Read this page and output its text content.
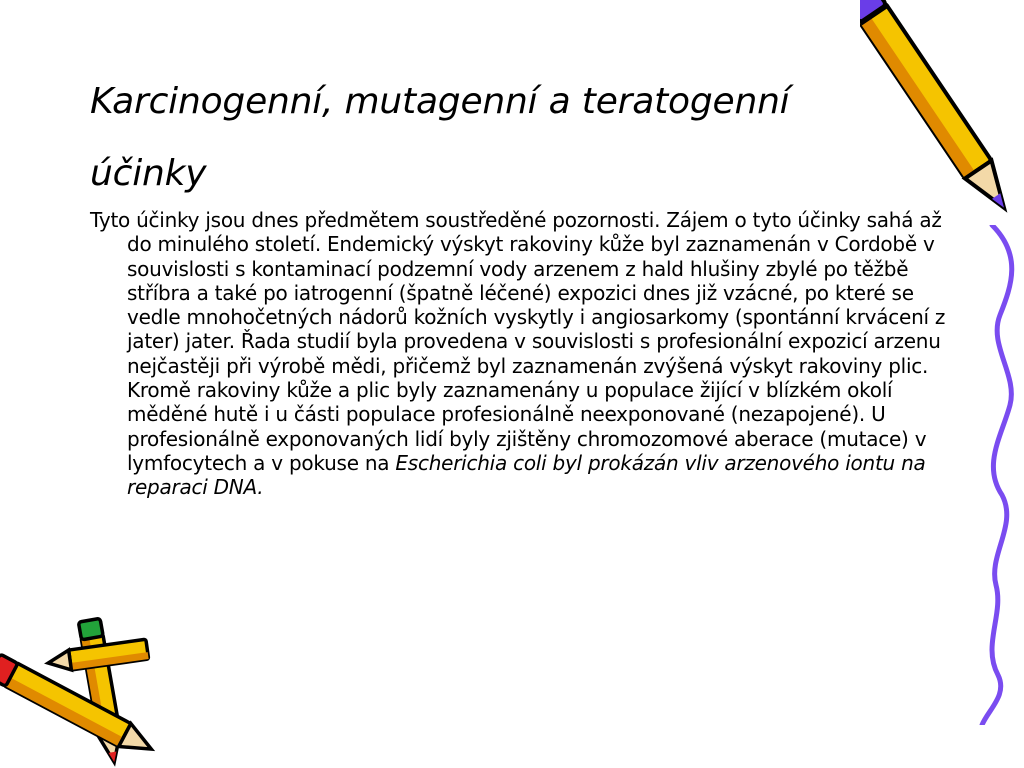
Karcinogenní, mutagenní a teratogenní
účinky
Tyto účinky jsou dnes předmětem soustředěné pozornosti. Zájem o tyto účinky sahá až do minulého století. Endemický výskyt rakoviny kůže byl zaznamenán v Cordobě v souvislosti s kontaminací podzemní vody arzenem z hald hlušiny zbylé po těžbě stříbra a také po iatrogenní (špatně léčené) expozici dnes již vzácné, po které se vedle mnohočetných nádorů kožních vyskytly i angiosarkomy (spontánní krvácení z jater) jater. Řada studií byla provedena v souvislosti s profesionální expozicí arzenu nejčastěji při výrobě mědi, přičemž byl zaznamenán zvýšená výskyt rakoviny plic. Kromě rakoviny kůže a plic byly zaznamenány u populace žijící v blízkém okolí měděné hutě i u části populace profesionálně neexponované (nezapojené). U profesionálně exponovaných lidí byly zjištěny chromozomové aberace (mutace) v lymfocytech a v pokuse na Escherichia coli byl prokázán vliv arzenového iontu na reparaci DNA.
